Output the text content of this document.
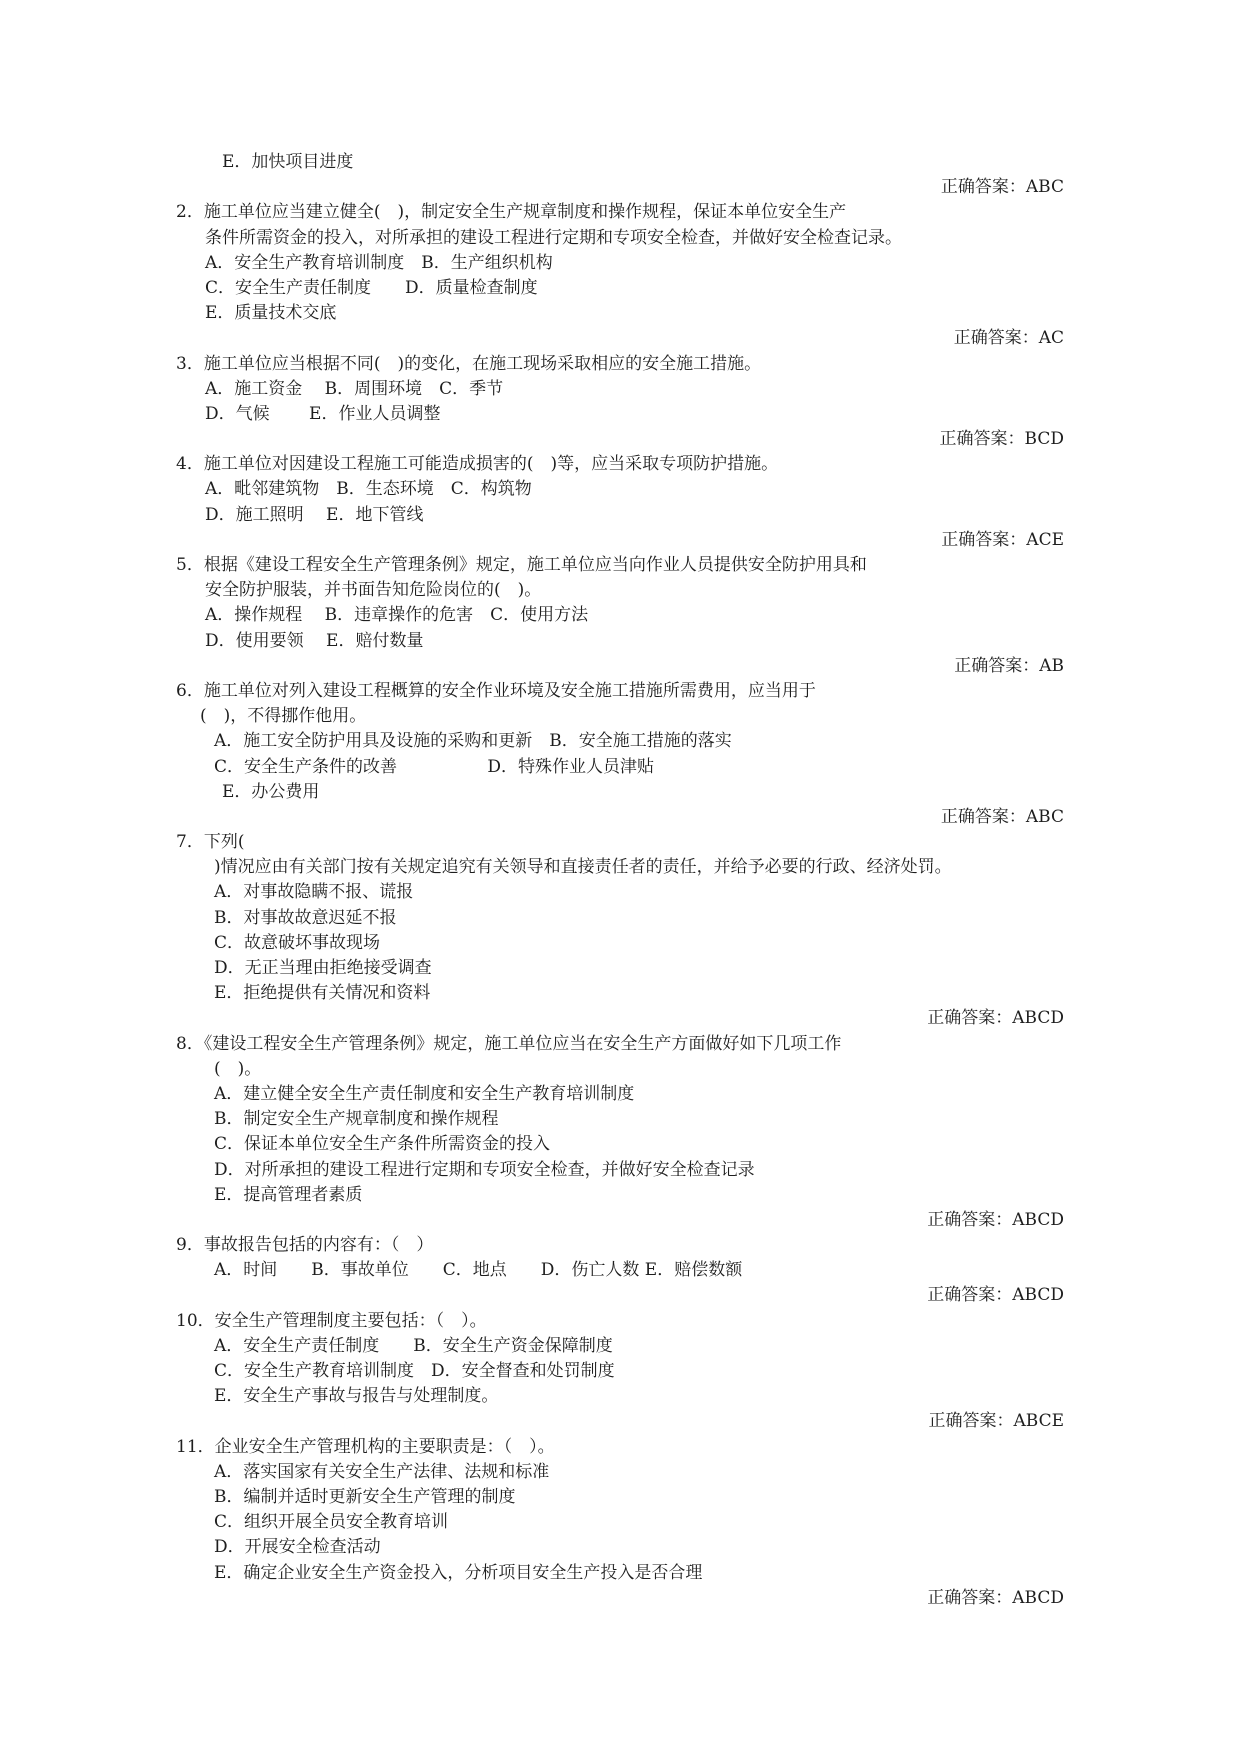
E．加快项目进度
正确答案：ABC
2．施工单位应当建立健全(　)，制定安全生产规章制度和操作规程，保证本单位安全生产
条件所需资金的投入，对所承担的建设工程进行定期和专项安全检查，并做好安全检查记录。
A．安全生产教育培训制度　B．生产组织机构
C．安全生产责任制度　　D．质量检查制度
E．质量技术交底
正确答案：AC
3．施工单位应当根据不同(　)的变化，在施工现场采取相应的安全施工措施。
A．施工资金　 B．周围环境　C．季节
D．气候　　 E．作业人员调整
正确答案：BCD
4．施工单位对因建设工程施工可能造成损害的(　)等，应当采取专项防护措施。
A．毗邻建筑物　B．生态环境　C．构筑物
D．施工照明　 E．地下管线
正确答案：ACE
5．根据《建设工程安全生产管理条例》规定，施工单位应当向作业人员提供安全防护用具和
安全防护服装，并书面告知危险岗位的(　)。
A．操作规程　 B．违章操作的危害　C．使用方法
D．使用要领　 E．赔付数量
正确答案：AB
6．施工单位对列入建设工程概算的安全作业环境及安全施工措施所需费用，应当用于
(　)，不得挪作他用。
A．施工安全防护用具及设施的采购和更新　B．安全施工措施的落实
C．安全生产条件的改善　　　　　 D．特殊作业人员津贴
E．办公费用
正确答案：ABC
7．下列(
)情况应由有关部门按有关规定追究有关领导和直接责任者的责任，并给予必要的行政、经济处罚。
A．对事故隐瞒不报、谎报
B．对事故故意迟延不报
C．故意破坏事故现场
D．无正当理由拒绝接受调查
E．拒绝提供有关情况和资料
正确答案：ABCD
8．《建设工程安全生产管理条例》规定，施工单位应当在安全生产方面做好如下几项工作
(　)。
A．建立健全安全生产责任制度和安全生产教育培训制度
B．制定安全生产规章制度和操作规程
C．保证本单位安全生产条件所需资金的投入
D．对所承担的建设工程进行定期和专项安全检查，并做好安全检查记录
E．提高管理者素质
正确答案：ABCD
9．事故报告包括的内容有：（　）
A．时间　　B．事故单位　　C．地点　　D．伤亡人数 E．赔偿数额
正确答案：ABCD
10．安全生产管理制度主要包括：（　）。
A．安全生产责任制度　　B．安全生产资金保障制度
C．安全生产教育培训制度　D．安全督查和处罚制度
E．安全生产事故与报告与处理制度。
正确答案：ABCE
11．企业安全生产管理机构的主要职责是：（　）。
A．落实国家有关安全生产法律、法规和标准
B．编制并适时更新安全生产管理的制度
C．组织开展全员安全教育培训
D．开展安全检查活动
E．确定企业安全生产资金投入，分析项目安全生产投入是否合理
正确答案：ABCD
